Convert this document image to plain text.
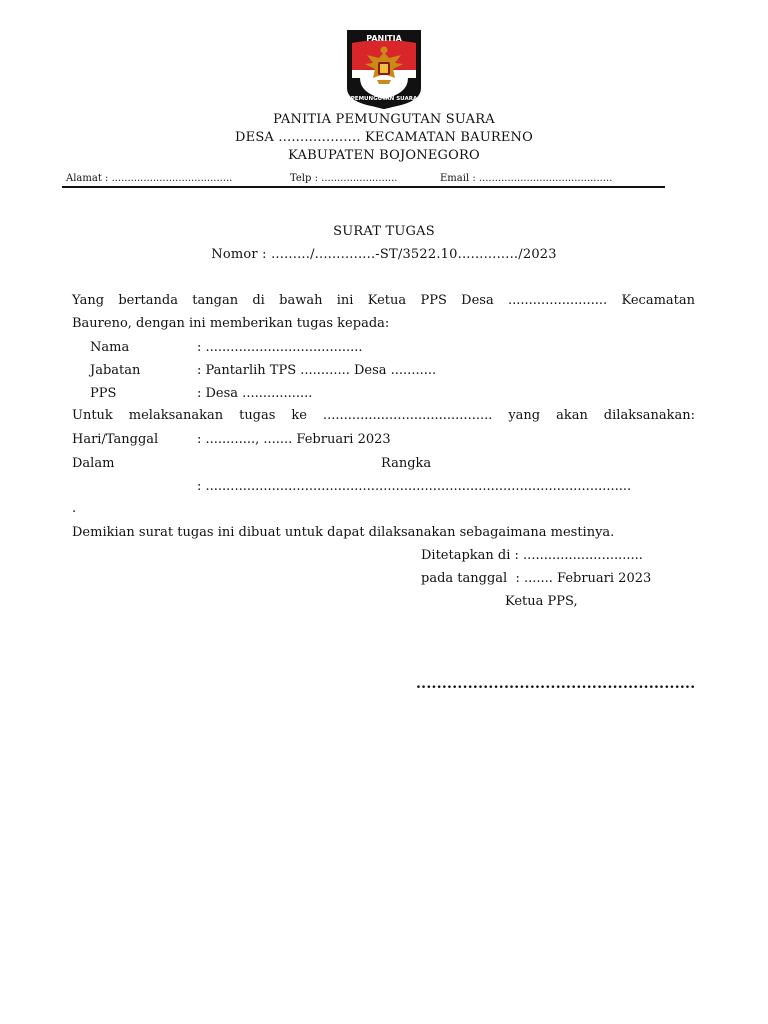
PANITIA
PEMUNGUTAN SUARA
PANITIA PEMUNGUTAN SUARA
DESA ................... KECAMATAN BAURENO
KABUPATEN BOJONEGORO
Alamat : ......................................	Telp : ........................	Email : ..........................................
SURAT TUGAS
Nomor : ........./..............-ST/3522.10............../2023
Yang bertanda tangan di bawah ini Ketua PPS Desa ........................ Kecamatan
Baureno, dengan ini memberikan tugas kepada:
Nama	: ......................................
Jabatan	: Pantarlih TPS ............ Desa ...........
PPS	: Desa .................
Untuk melaksanakan tugas ke ......................................... yang akan dilaksanakan:
Hari/Tanggal	: ............, ....... Februari 2023
Dalam	Rangka
: .......................................................................................................
.
Demikian surat tugas ini dibuat untuk dapat dilaksanakan sebagaimana mestinya.
Ditetapkan di : .............................
pada tanggal  : ....... Februari 2023
Ketua PPS,
......................................................
